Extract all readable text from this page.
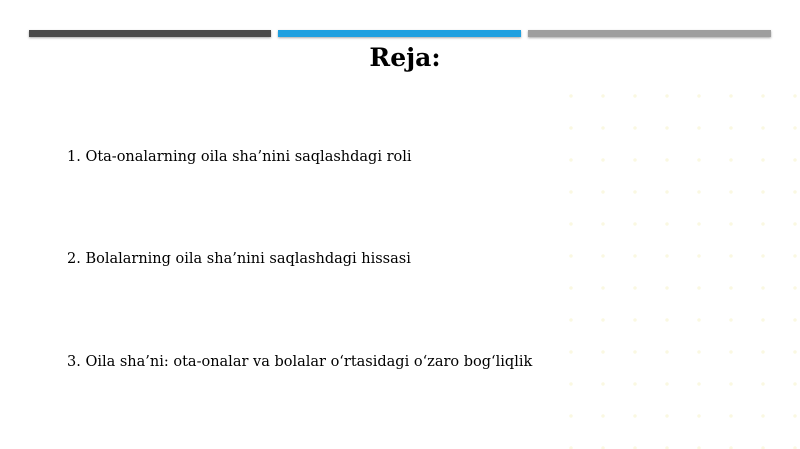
Reja:
1. Ota-onalarning oila sha’nini saqlashdagi roli
2. Bolalarning oila sha’nini saqlashdagi hissasi
3. Oila sha’ni: ota-onalar va bolalar o‘rtasidagi o‘zaro bog‘liqlik
